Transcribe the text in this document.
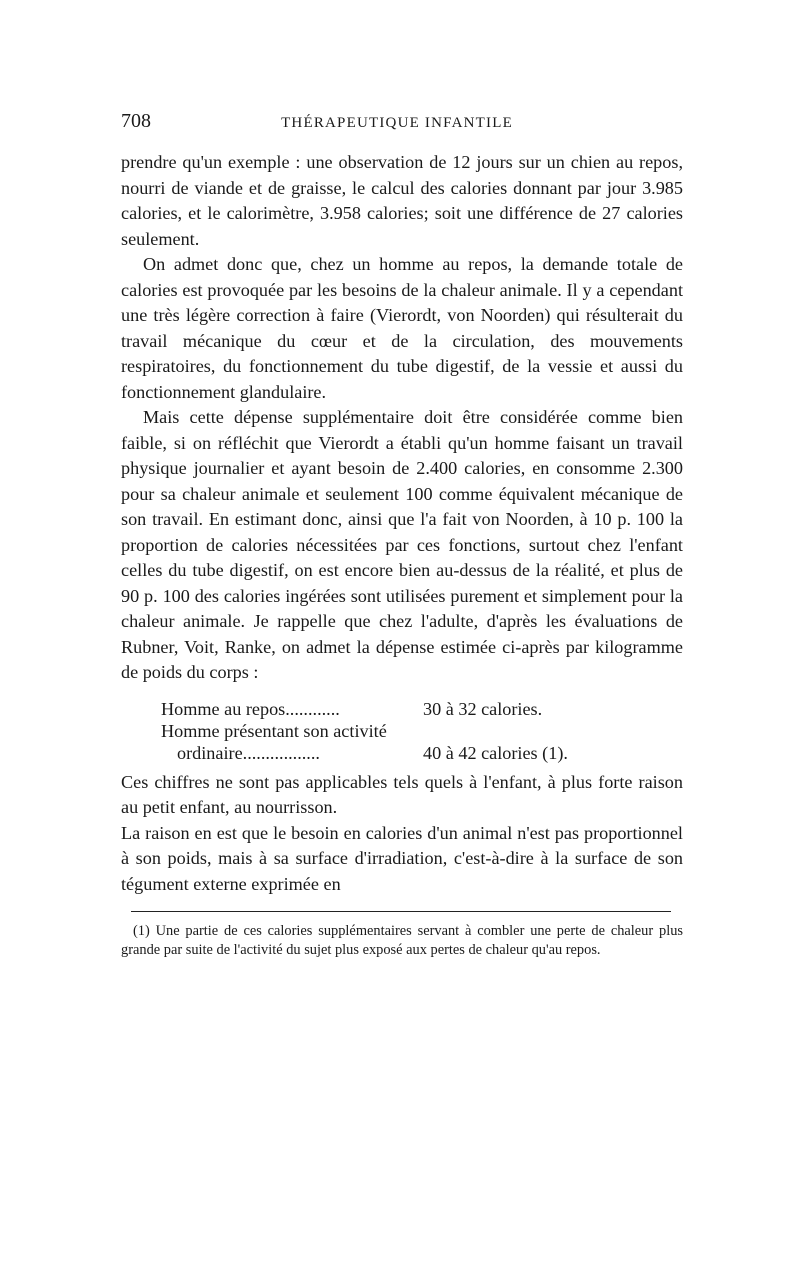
708	THÉRAPEUTIQUE INFANTILE

prendre qu'un exemple : une observation de 12 jours sur un chien au repos, nourri de viande et de graisse, le calcul des calories donnant par jour 3.985 calories, et le calorimètre, 3.958 calories; soit une différence de 27 calories seulement.

On admet donc que, chez un homme au repos, la demande totale de calories est provoquée par les besoins de la chaleur animale. Il y a cependant une très légère correction à faire (Vierordt, von Noorden) qui résulterait du travail mécanique du cœur et de la circulation, des mouvements respiratoires, du fonctionnement du tube digestif, de la vessie et aussi du fonctionnement glandulaire.

Mais cette dépense supplémentaire doit être considérée comme bien faible, si on réfléchit que Vierordt a établi qu'un homme faisant un travail physique journalier et ayant besoin de 2.400 calories, en consomme 2.300 pour sa chaleur animale et seulement 100 comme équivalent mécanique de son travail. En estimant donc, ainsi que l'a fait von Noorden, à 10 p. 100 la proportion de calories nécessitées par ces fonctions, surtout chez l'enfant celles du tube digestif, on est encore bien au-dessus de la réalité, et plus de 90 p. 100 des calories ingérées sont utilisées purement et simplement pour la chaleur animale. Je rappelle que chez l'adulte, d'après les évaluations de Rubner, Voit, Ranke, on admet la dépense estimée ci-après par kilogramme de poids du corps :

Homme au repos............	30 à 32 calories.
Homme présentant son activité
ordinaire.................	40 à 42 calories (1).

Ces chiffres ne sont pas applicables tels quels à l'enfant, à plus forte raison au petit enfant, au nourrisson.

La raison en est que le besoin en calories d'un animal n'est pas proportionnel à son poids, mais à sa surface d'irradiation, c'est-à-dire à la surface de son tégument externe exprimée en

(1) Une partie de ces calories supplémentaires servant à combler une perte de chaleur plus grande par suite de l'activité du sujet plus exposé aux pertes de chaleur qu'au repos.
